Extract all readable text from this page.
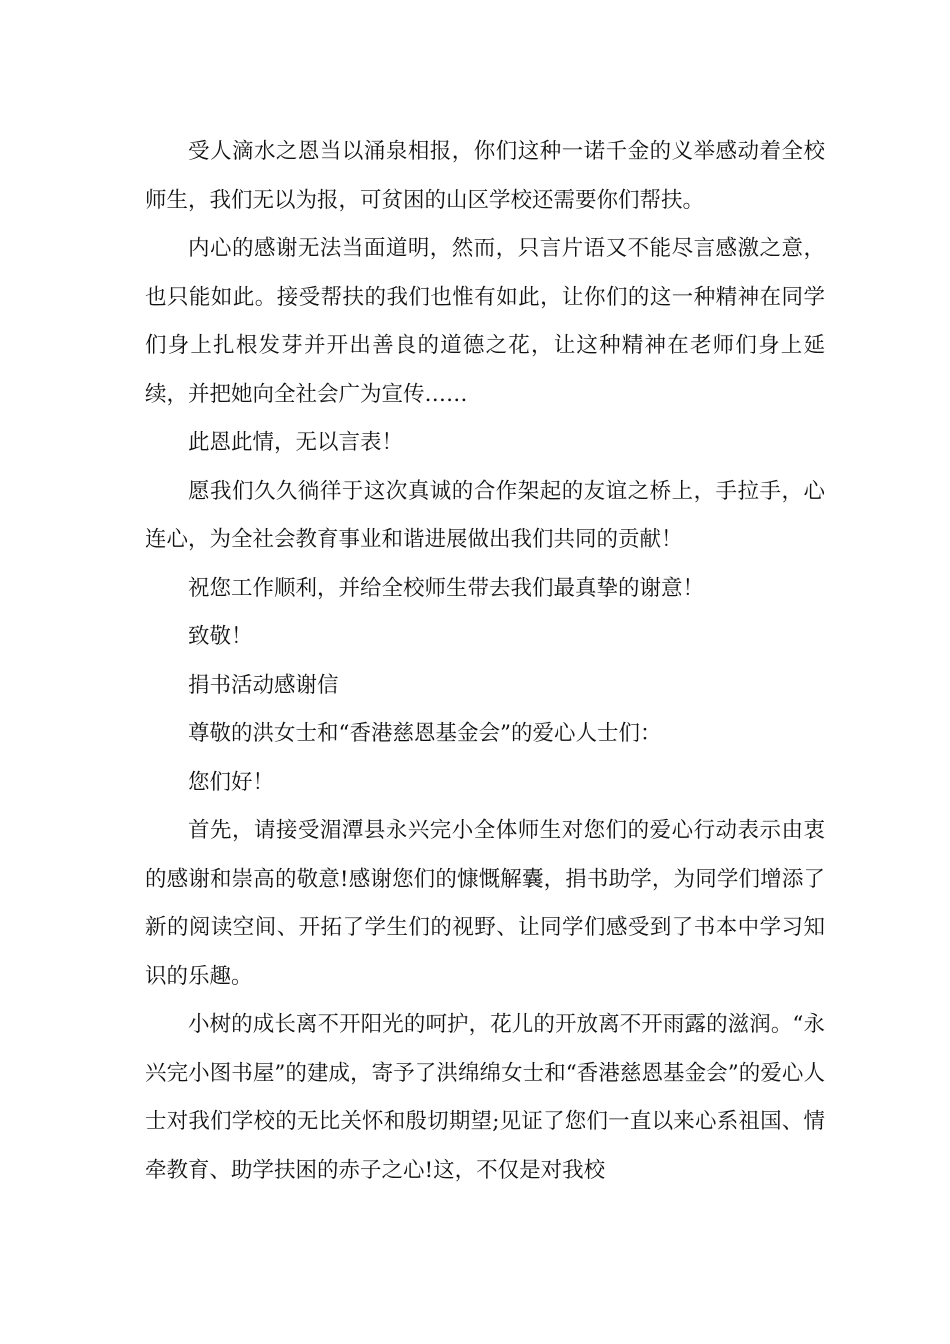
受人滴水之恩当以涌泉相报，你们这种一诺千金的义举感动着全校师生，我们无以为报，可贫困的山区学校还需要你们帮扶。

内心的感谢无法当面道明，然而，只言片语又不能尽言感激之意，也只能如此。接受帮扶的我们也惟有如此，让你们的这一种精神在同学们身上扎根发芽并开出善良的道德之花，让这种精神在老师们身上延续，并把她向全社会广为宣传……

此恩此情，无以言表！

愿我们久久徜徉于这次真诚的合作架起的友谊之桥上，手拉手，心连心，为全社会教育事业和谐进展做出我们共同的贡献！

祝您工作顺利，并给全校师生带去我们最真挚的谢意！

致敬！

捐书活动感谢信

尊敬的洪女士和“香港慈恩基金会”的爱心人士们：

您们好！

首先，请接受湄潭县永兴完小全体师生对您们的爱心行动表示由衷的感谢和崇高的敬意!感谢您们的慷慨解囊，捐书助学，为同学们增添了新的阅读空间、开拓了学生们的视野、让同学们感受到了书本中学习知识的乐趣。

小树的成长离不开阳光的呵护，花儿的开放离不开雨露的滋润。“永兴完小图书屋”的建成，寄予了洪绵绵女士和“香港慈恩基金会”的爱心人士对我们学校的无比关怀和殷切期望;见证了您们一直以来心系祖国、情牵教育、助学扶困的赤子之心!这，不仅是对我校
